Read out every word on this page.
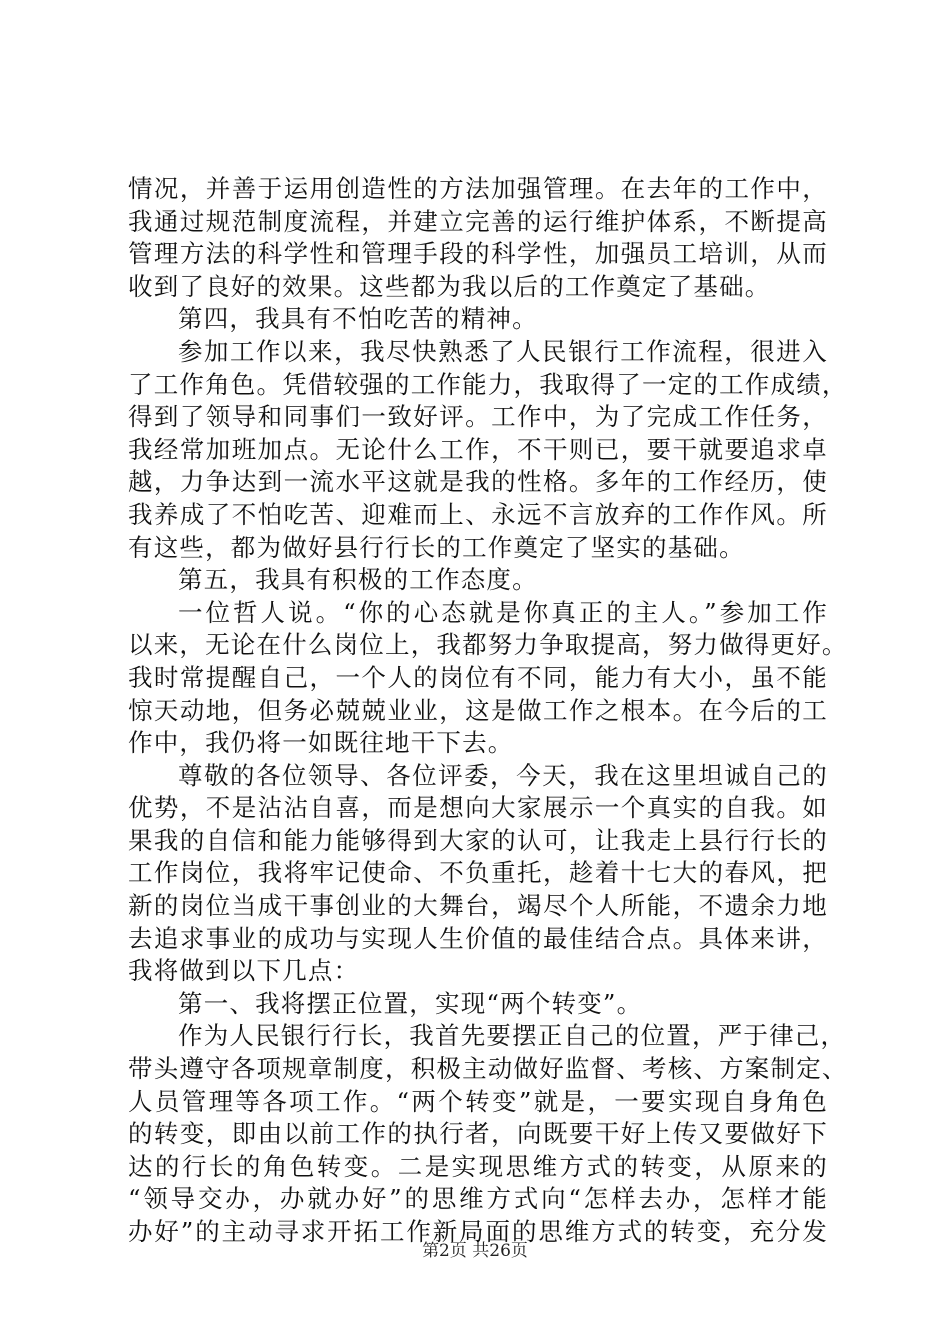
情况，并善于运用创造性的方法加强管理。在去年的工作中，
我通过规范制度流程，并建立完善的运行维护体系，不断提高
管理方法的科学性和管理手段的科学性，加强员工培训，从而
收到了良好的效果。这些都为我以后的工作奠定了基础。
第四，我具有不怕吃苦的精神。
参加工作以来，我尽快熟悉了人民银行工作流程，很进入
了工作角色。凭借较强的工作能力，我取得了一定的工作成绩，
得到了领导和同事们一致好评。工作中，为了完成工作任务，
我经常加班加点。无论什么工作，不干则已，要干就要追求卓
越，力争达到一流水平这就是我的性格。多年的工作经历，使
我养成了不怕吃苦、迎难而上、永远不言放弃的工作作风。所
有这些，都为做好县行行长的工作奠定了坚实的基础。
第五，我具有积极的工作态度。
一位哲人说。“你的心态就是你真正的主人。”参加工作
以来，无论在什么岗位上，我都努力争取提高，努力做得更好。
我时常提醒自己，一个人的岗位有不同，能力有大小，虽不能
惊天动地，但务必兢兢业业，这是做工作之根本。在今后的工
作中，我仍将一如既往地干下去。
尊敬的各位领导、各位评委，今天，我在这里坦诚自己的
优势，不是沾沾自喜，而是想向大家展示一个真实的自我。如
果我的自信和能力能够得到大家的认可，让我走上县行行长的
工作岗位，我将牢记使命、不负重托，趁着十七大的春风，把
新的岗位当成干事创业的大舞台，竭尽个人所能，不遗余力地
去追求事业的成功与实现人生价值的最佳结合点。具体来讲，
我将做到以下几点：
第一、我将摆正位置，实现“两个转变”。
作为人民银行行长，我首先要摆正自己的位置，严于律己，
带头遵守各项规章制度，积极主动做好监督、考核、方案制定、
人员管理等各项工作。“两个转变”就是，一要实现自身角色
的转变，即由以前工作的执行者，向既要干好上传又要做好下
达的行长的角色转变。二是实现思维方式的转变，从原来的
“领导交办，办就办好”的思维方式向“怎样去办，怎样才能
办好”的主动寻求开拓工作新局面的思维方式的转变，充分发
第2页 共26页
